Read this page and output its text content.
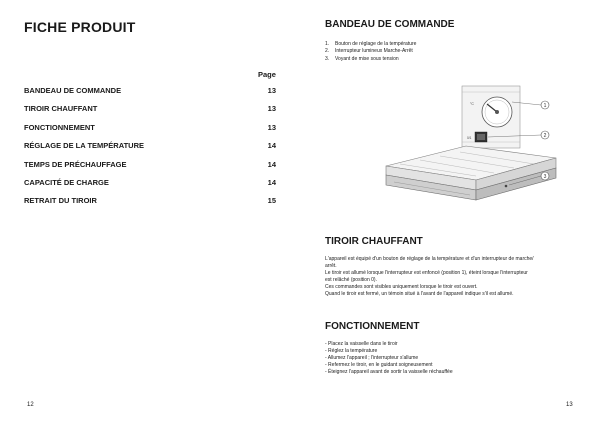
FICHE PRODUIT
Page
BANDEAU DE COMMANDE	13
TIROIR CHAUFFANT	13
FONCTIONNEMENT	13
RÉGLAGE DE LA TEMPÉRATURE	14
TEMPS DE PRÉCHAUFFAGE	14
CAPACITÉ DE CHARGE	14
RETRAIT DU TIROIR	15
12
BANDEAU DE COMMANDE
1. Bouton de réglage de la température
2. Interrupteur lumineux Marche-Arrêt
3. Voyant de mise sous tension
°C
0/1
1
2
3
TIROIR CHAUFFANT

L'appareil est équipé d'un bouton de réglage de la température et d'un interrupteur de marche/

arrêt.

Le tiroir est allumé lorsque l'interrupteur est enfoncé (position 1), éteint lorsque l'interrupteur

est relâché (position 0).

Ces commandes sont visibles uniquement lorsque le tiroir est ouvert.

Quand le tiroir est fermé, un témoin situé à l'avant de l'appareil indique s'il est allumé.

FONCTIONNEMENT

- Placez la vaisselle dans le tiroir

- Réglez la température

- Allumez l'appareil ; l'interrupteur s'allume

- Refermez le tiroir, en le guidant soigneusement

- Éteignez l'appareil avant de sortir la vaisselle réchauffée

13
